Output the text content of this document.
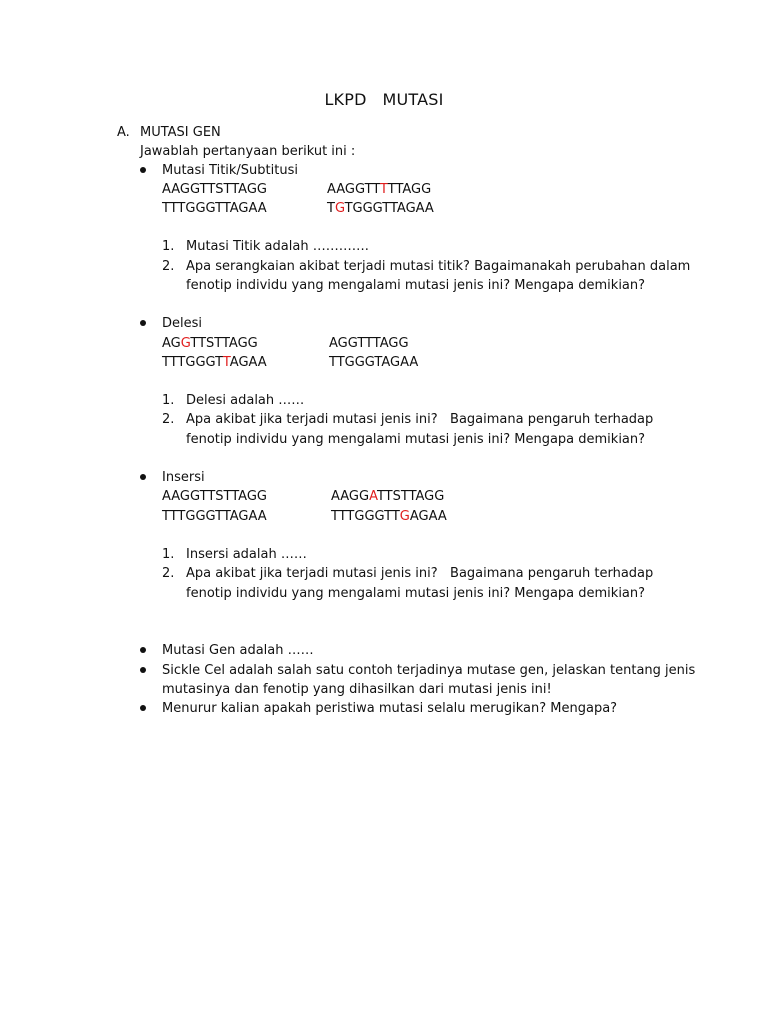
LKPD   MUTASI
A. MUTASI GEN
Jawablah pertanyaan berikut ini :
Mutasi Titik/Subtitusi
AAGGTTSTTAGG
TTTGGGTTAGAA
AAGGTTTTTAGG
TGTGGGTTAGAA
1. Mutasi Titik adalah ………….
2. Apa serangkaian akibat terjadi mutasi titik? Bagaimanakah perubahan dalam
fenotip individu yang mengalami mutasi jenis ini? Mengapa demikian?
Delesi
AGGTTSTTAGG
TTTGGGTTAGAA
AGGTTTAGG
TTGGGTAGAA
1. Delesi adalah ……
2. Apa akibat jika terjadi mutasi jenis ini?   Bagaimana pengaruh terhadap
fenotip individu yang mengalami mutasi jenis ini? Mengapa demikian?
Insersi
AAGGTTSTTAGG
TTTGGGTTAGAA
AAGGATTSTTAGG
TTTGGGTTGAGAA
1. Insersi adalah ……
2. Apa akibat jika terjadi mutasi jenis ini?   Bagaimana pengaruh terhadap
fenotip individu yang mengalami mutasi jenis ini? Mengapa demikian?
Mutasi Gen adalah ……
Sickle Cel adalah salah satu contoh terjadinya mutase gen, jelaskan tentang jenis
mutasinya dan fenotip yang dihasilkan dari mutasi jenis ini!
Menurur kalian apakah peristiwa mutasi selalu merugikan? Mengapa?
